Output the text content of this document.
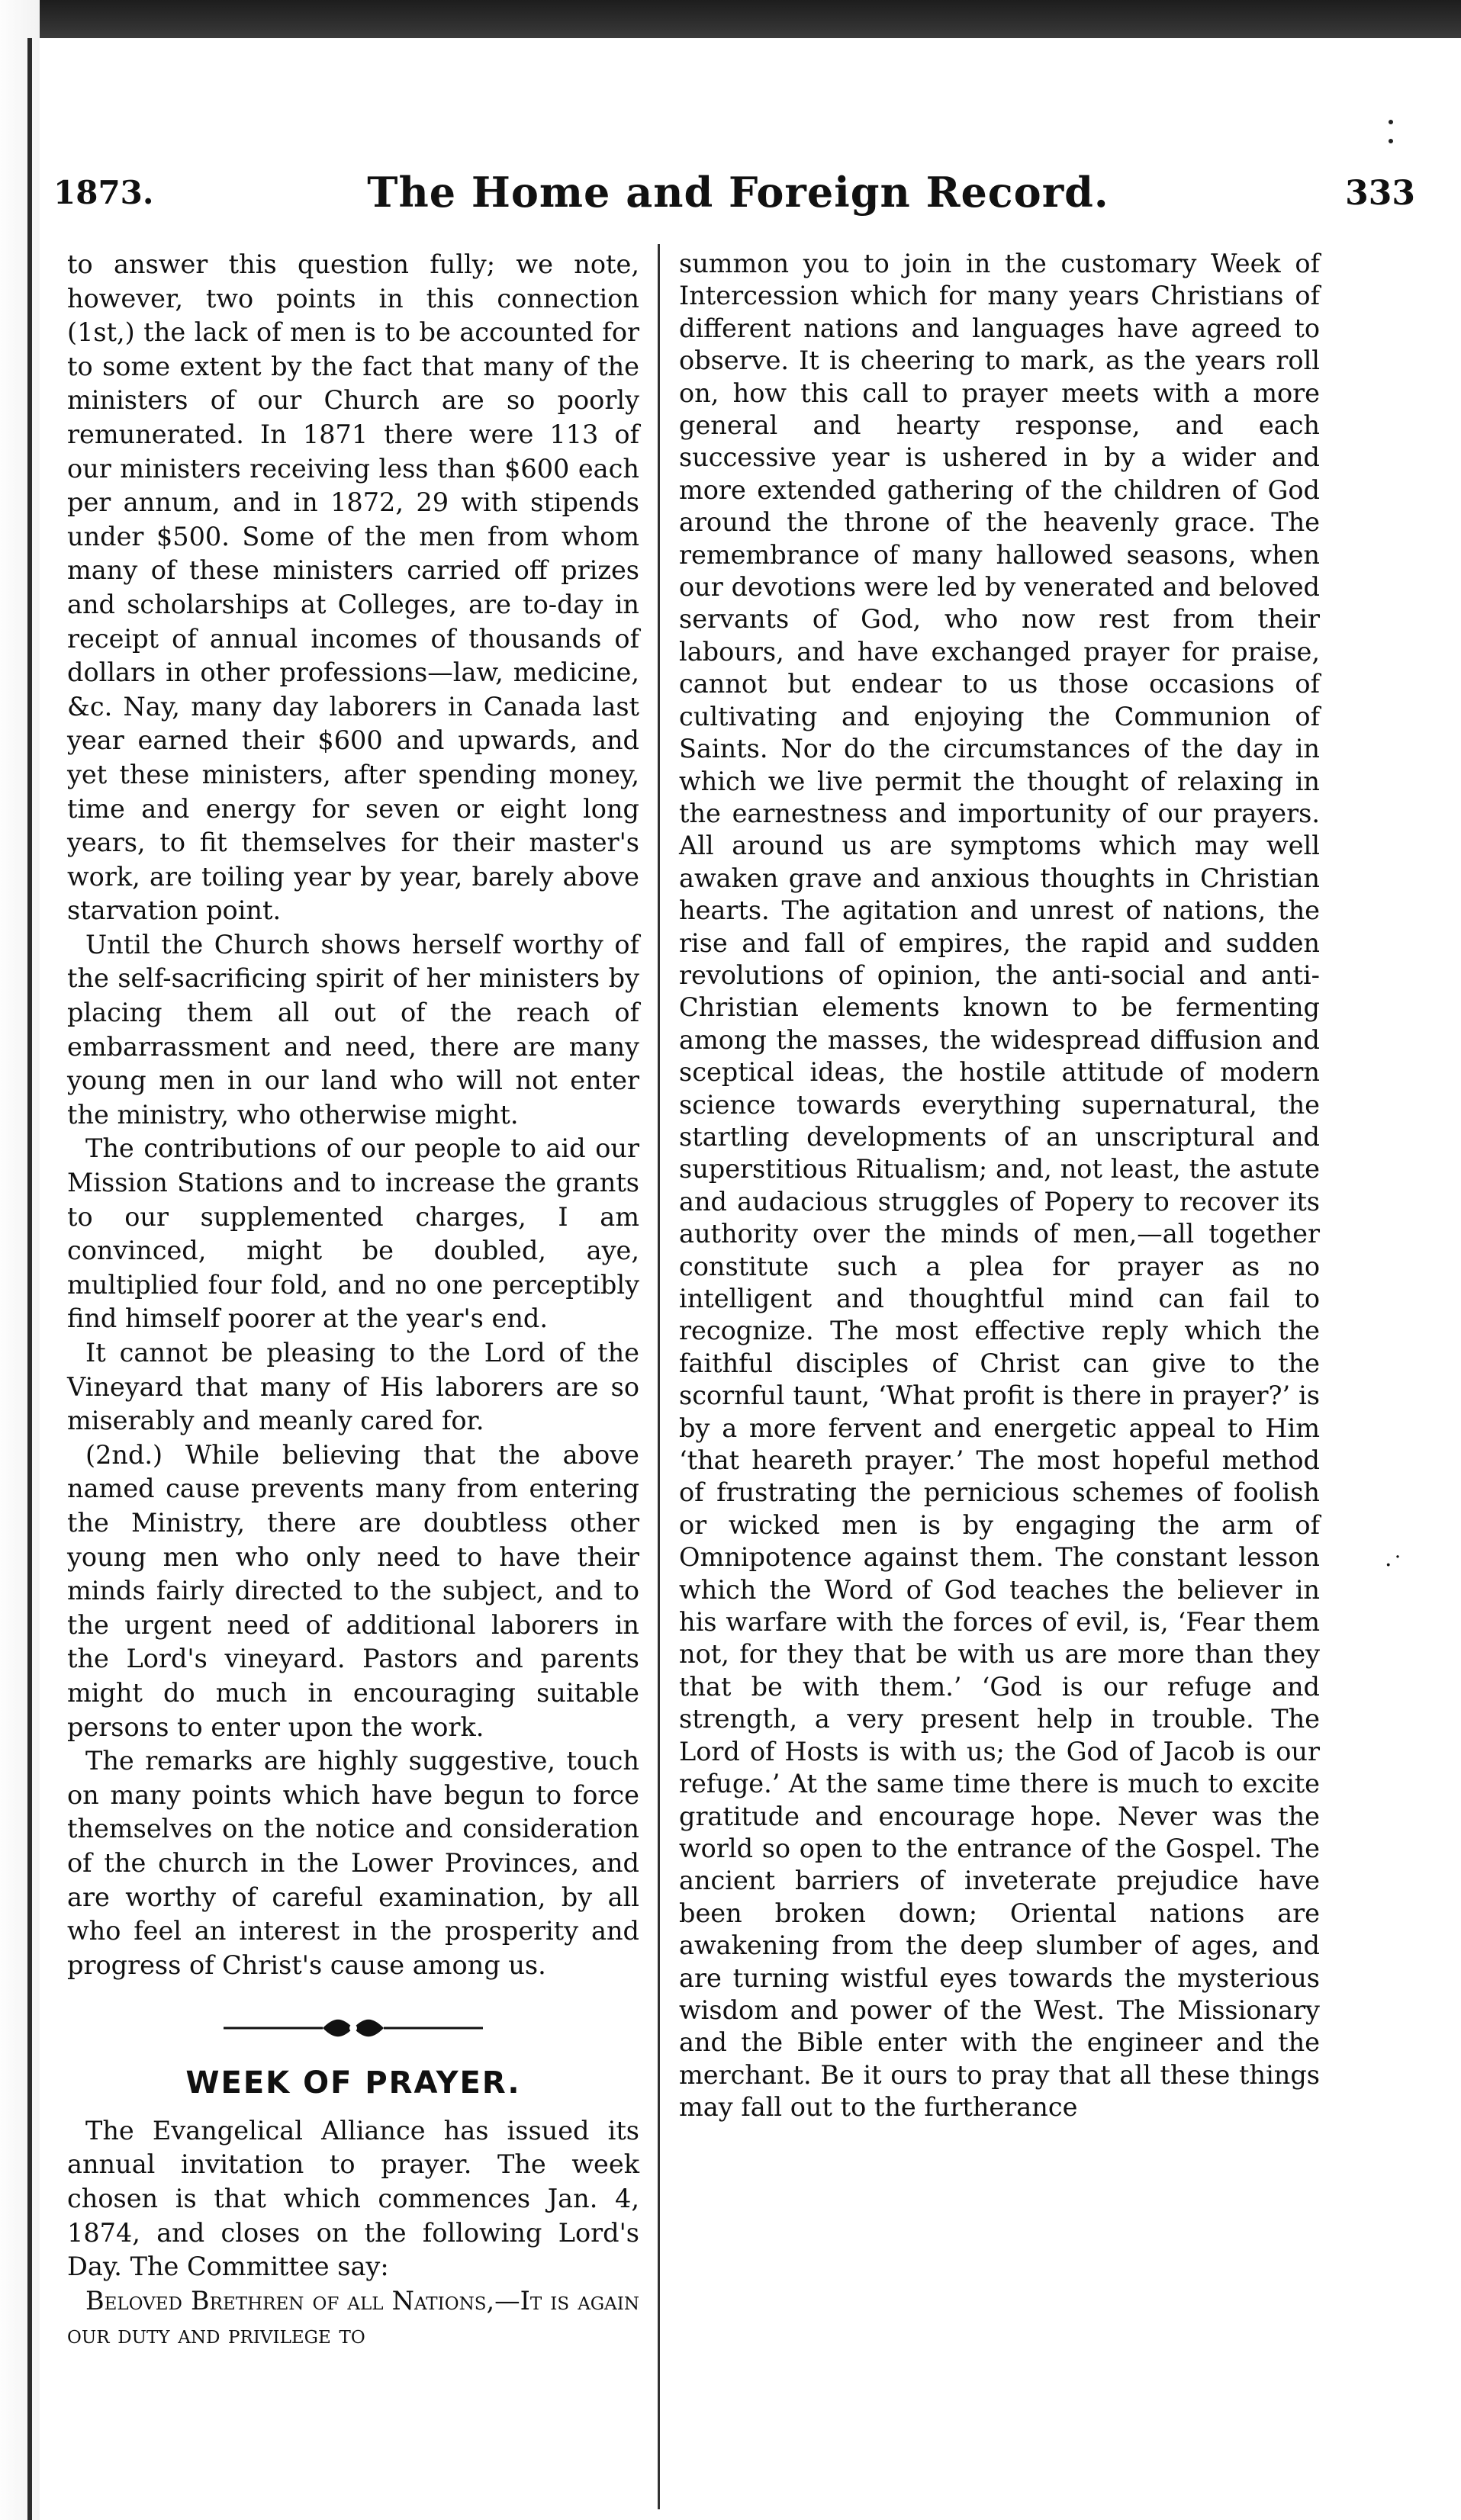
·˙
1873.	The Home and Foreign Record.	333

to answer this question fully; we note, however, two points in this connection (1st,) the lack of men is to be accounted for to some extent by the fact that many of the ministers of our Church are so poorly remunerated. In 1871 there were 113 of our ministers receiving less than $600 each per annum, and in 1872, 29 with stipends under $500. Some of the men from whom many of these ministers carried off prizes and scholarships at Colleges, are to-day in receipt of annual incomes of thousands of dollars in other professions—law, medicine, &c. Nay, many day laborers in Canada last year earned their $600 and upwards, and yet these ministers, after spending money, time and energy for seven or eight long years, to fit themselves for their master's work, are toiling year by year, barely above starvation point.

Until the Church shows herself worthy of the self-sacrificing spirit of her ministers by placing them all out of the reach of embarrassment and need, there are many young men in our land who will not enter the ministry, who otherwise might.

The contributions of our people to aid our Mission Stations and to increase the grants to our supplemented charges, I am convinced, might be doubled, aye, multiplied four fold, and no one perceptibly find himself poorer at the year's end.

It cannot be pleasing to the Lord of the Vineyard that many of His laborers are so miserably and meanly cared for.

(2nd.) While believing that the above named cause prevents many from entering the Ministry, there are doubtless other young men who only need to have their minds fairly directed to the subject, and to the urgent need of additional laborers in the Lord's vineyard. Pastors and parents might do much in encouraging suitable persons to enter upon the work.

The remarks are highly suggestive, touch on many points which have begun to force themselves on the notice and consideration of the church in the Lower Provinces, and are worthy of careful examination, by all who feel an interest in the prosperity and progress of Christ's cause among us.

WEEK OF PRAYER.

The Evangelical Alliance has issued its annual invitation to prayer. The week chosen is that which commences Jan. 4, 1874, and closes on the following Lord's Day. The Committee say:

Beloved Brethren of all Nations,—It is again our duty and privilege to

summon you to join in the customary Week of Intercession which for many years Christians of different nations and languages have agreed to observe. It is cheering to mark, as the years roll on, how this call to prayer meets with a more general and hearty response, and each successive year is ushered in by a wider and more extended gathering of the children of God around the throne of the heavenly grace. The remembrance of many hallowed seasons, when our devotions were led by venerated and beloved servants of God, who now rest from their labours, and have exchanged prayer for praise, cannot but endear to us those occasions of cultivating and enjoying the Communion of Saints. Nor do the circumstances of the day in which we live permit the thought of relaxing in the earnestness and importunity of our prayers. All around us are symptoms which may well awaken grave and anxious thoughts in Christian hearts. The agitation and unrest of nations, the rise and fall of empires, the rapid and sudden revolutions of opinion, the anti-social and anti-Christian elements known to be fermenting among the masses, the widespread diffusion and sceptical ideas, the hostile attitude of modern science towards everything supernatural, the startling developments of an unscriptural and superstitious Ritualism; and, not least, the astute and audacious struggles of Popery to recover its authority over the minds of men,—all together constitute such a plea for prayer as no intelligent and thoughtful mind can fail to recognize. The most effective reply which the faithful disciples of Christ can give to the scornful taunt, ‘What profit is there in prayer?’ is by a more fervent and energetic appeal to Him ‘that heareth prayer.’ The most hopeful method of frustrating the pernicious schemes of foolish or wicked men is by engaging the arm of Omnipotence against them. The constant lesson which the Word of God teaches the believer in his warfare with the forces of evil, is, ‘Fear them not, for they that be with us are more than they that be with them.’ ‘God is our refuge and strength, a very present help in trouble. The Lord of Hosts is with us; the God of Jacob is our refuge.’ At the same time there is much to excite gratitude and encourage hope. Never was the world so open to the entrance of the Gospel. The ancient barriers of inveterate prejudice have been broken down; Oriental nations are awakening from the deep slumber of ages, and are turning wistful eyes towards the mysterious wisdom and power of the West. The Missionary and the Bible enter with the engineer and the merchant. Be it ours to pray that all these things may fall out to the furtherance
